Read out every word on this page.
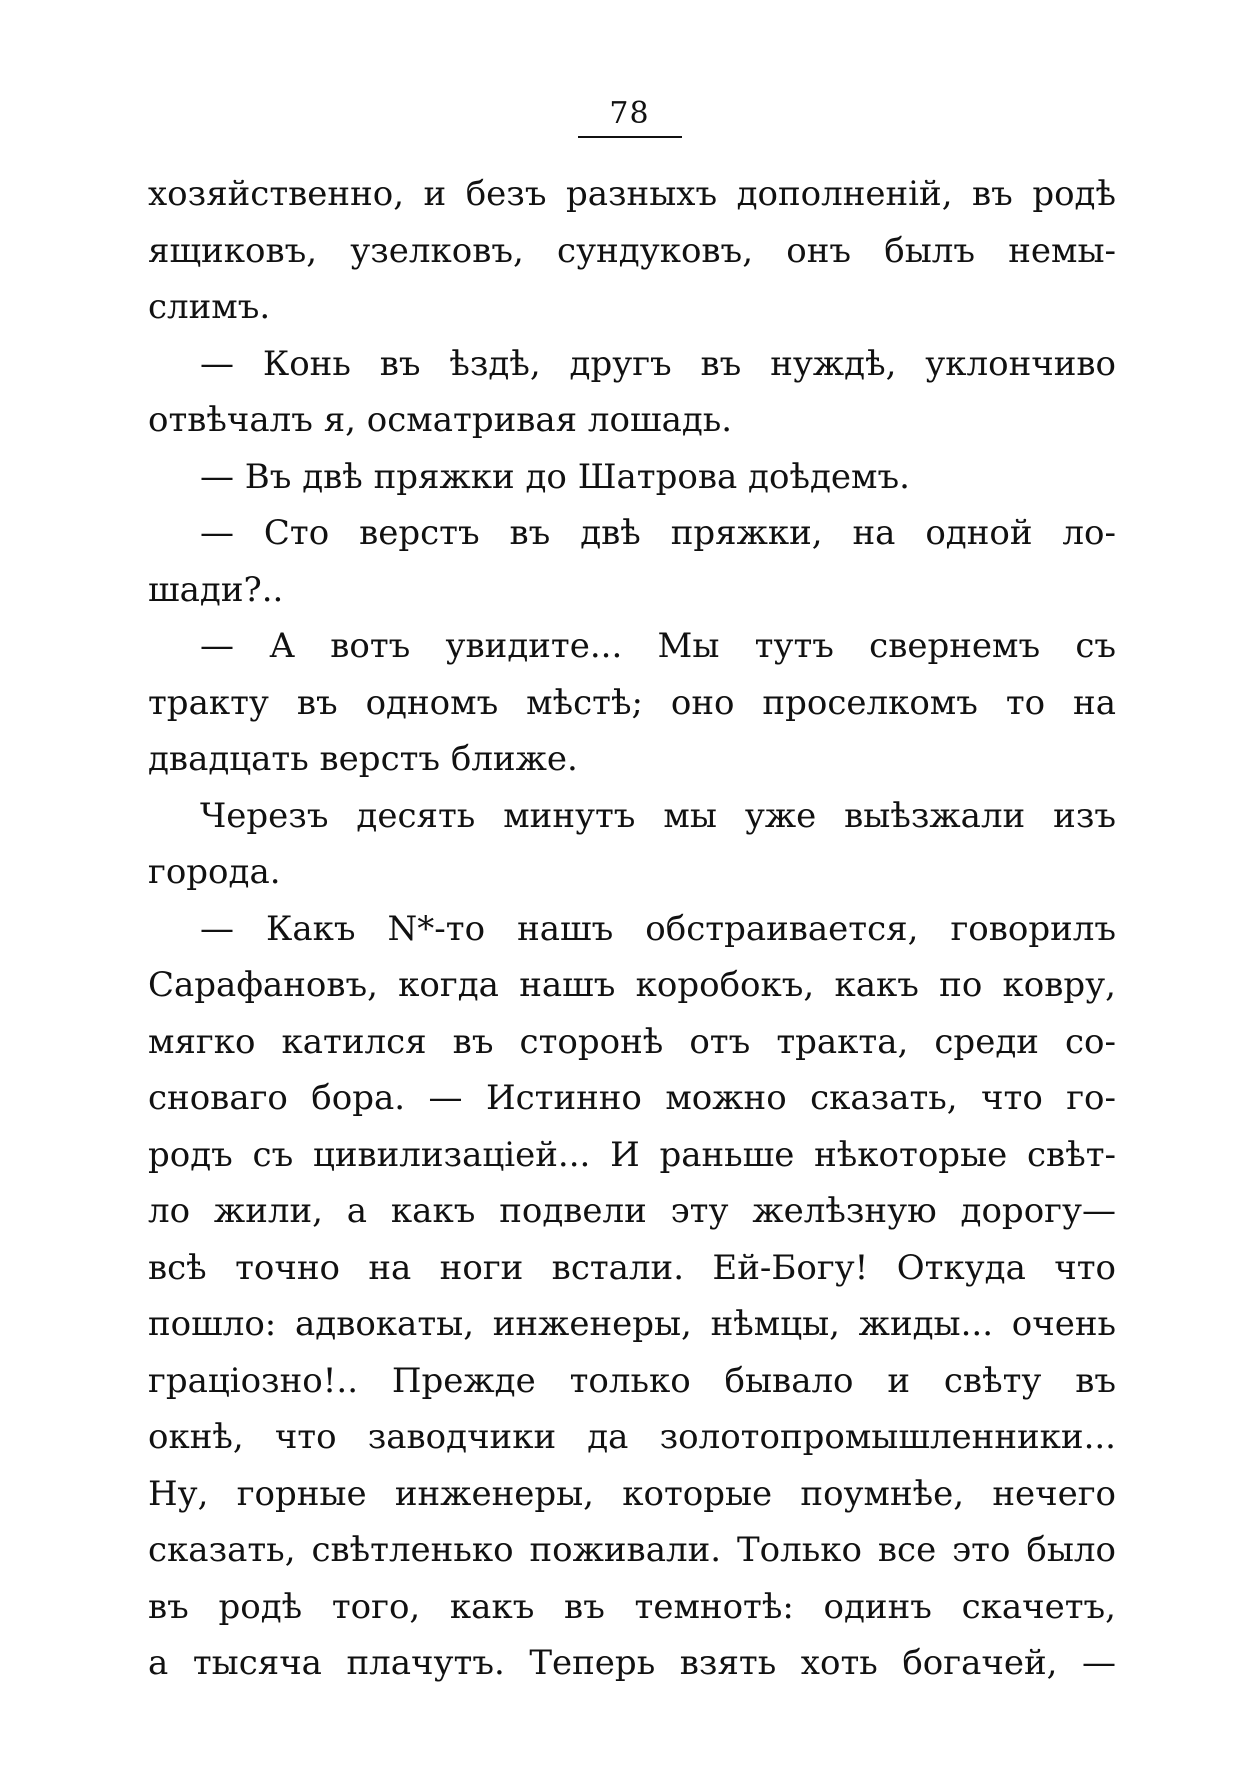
78
хозяйственно, и безъ разныхъ дополненій, въ родѣ
ящиковъ, узелковъ, сундуковъ, онъ былъ немы-
слимъ.
— Конь въ ѣздѣ, другъ въ нуждѣ, уклончиво
отвѣчалъ я, осматривая лошадь.
— Въ двѣ пряжки до Шатрова доѣдемъ.
— Сто верстъ въ двѣ пряжки, на одной ло-
шади?..
— А вотъ увидите... Мы тутъ свернемъ съ
тракту въ одномъ мѣстѣ; оно проселкомъ то на
двадцать верстъ ближе.
Черезъ десять минутъ мы уже выѣзжали изъ
города.
— Какъ N*-то нашъ обстраивается, говорилъ
Сарафановъ, когда нашъ коробокъ, какъ по ковру,
мягко катился въ сторонѣ отъ тракта, среди со-
сноваго бора. — Истинно можно сказать, что го-
родъ съ цивилизаціей... И раньше нѣкоторые свѣт-
ло жили, а какъ подвели эту желѣзную дорогу—
всѣ точно на ноги встали. Ей-Богу! Откуда что
пошло: адвокаты, инженеры, нѣмцы, жиды... очень
граціозно!.. Прежде только бывало и свѣту въ
окнѣ, что заводчики да золотопромышленники...
Ну, горные инженеры, которые поумнѣе, нечего
сказать, свѣтленько поживали. Только все это было
въ родѣ того, какъ въ темнотѣ: одинъ скачетъ,
а тысяча плачутъ. Теперь взять хоть богачей, —
